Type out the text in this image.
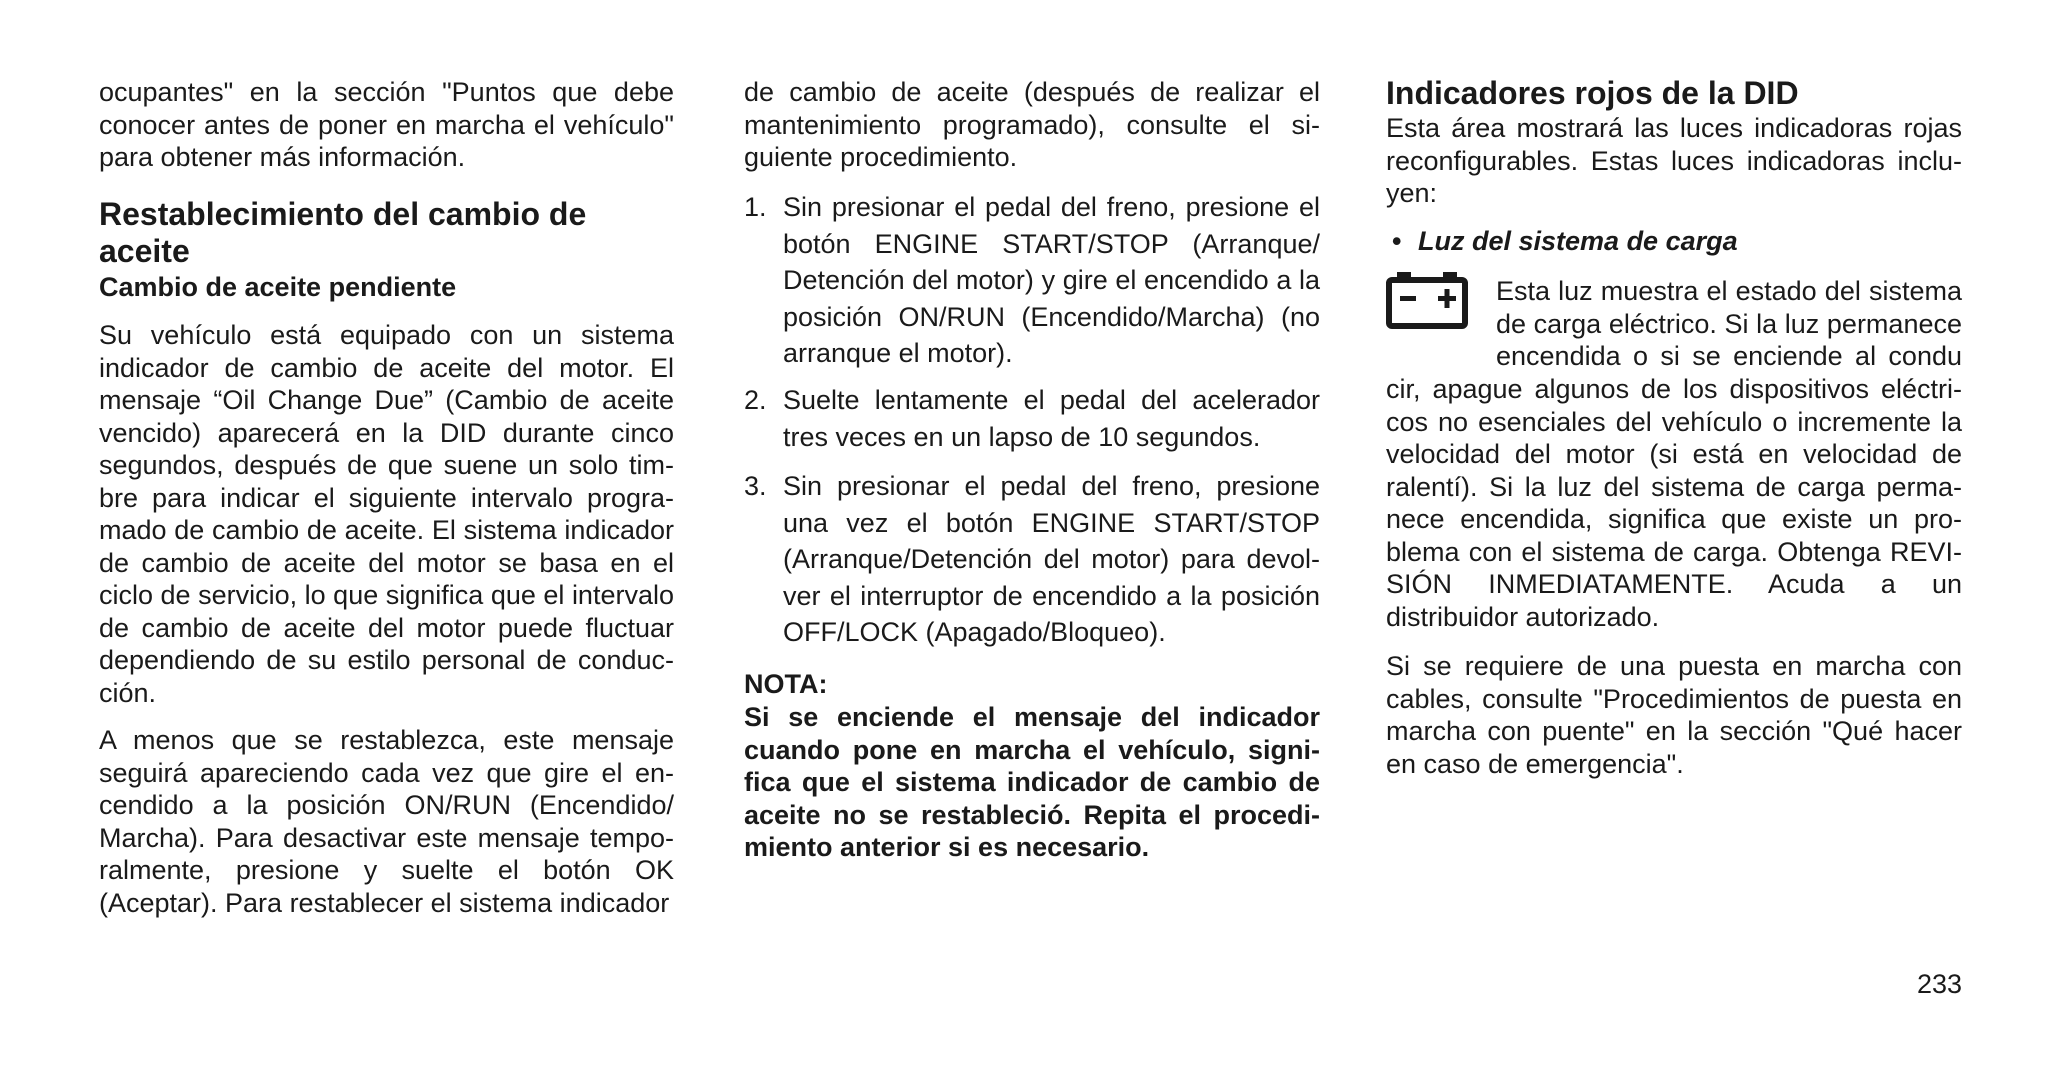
ocupantes" en la sección "Puntos que debe conocer antes de poner en marcha el vehículo" para obtener más información.

Restablecimiento del cambio de aceite
Cambio de aceite pendiente

Su vehículo está equipado con un sistema indicador de cambio de aceite del motor. El mensaje “Oil Change Due” (Cambio de aceite vencido) aparecerá en la DID durante cinco segundos, después de que suene un solo timbre para indicar el siguiente intervalo programado de cambio de aceite. El sistema indicador de cambio de aceite del motor se basa en el ciclo de servicio, lo que significa que el intervalo de cambio de aceite del motor puede fluctuar dependiendo de su estilo personal de conducción.

A menos que se restablezca, este mensaje seguirá apareciendo cada vez que gire el encendido a la posición ON/RUN (Encendido/ Marcha). Para desactivar este mensaje temporalmente, presione y suelte el botón OK (Aceptar). Para restablecer el sistema indicador

de cambio de aceite (después de realizar el mantenimiento programado), consulte el siguiente procedimiento.

1. Sin presionar el pedal del freno, presione el botón ENGINE START/STOP (Arranque/ Detención del motor) y gire el encendido a la posición ON/RUN (Encendido/Marcha) (no arranque el motor).
2. Suelte lentamente el pedal del acelerador tres veces en un lapso de 10 segundos.
3. Sin presionar el pedal del freno, presione una vez el botón ENGINE START/STOP (Arranque/Detención del motor) para devolver el interruptor de encendido a la posición OFF/LOCK (Apagado/Bloqueo).

NOTA:

Si se enciende el mensaje del indicador cuando pone en marcha el vehículo, significa que el sistema indicador de cambio de aceite no se restableció. Repita el procedimiento anterior si es necesario.

Indicadores rojos de la DID

Esta área mostrará las luces indicadoras rojas reconfigurables. Estas luces indicadoras incluyen:

• Luz del sistema de carga
Esta luz muestra el estado del sistema
de carga eléctrico. Si la luz permanece
encendida o si se enciende al condu

cir, apague algunos de los dispositivos eléctricos no esenciales del vehículo o incremente la velocidad del motor (si está en velocidad de ralentí). Si la luz del sistema de carga permanece encendida, significa que existe un problema con el sistema de carga. Obtenga REVISIÓN INMEDIATAMENTE. Acuda a un distribuidor autorizado.

Si se requiere de una puesta en marcha con cables, consulte "Procedimientos de puesta en marcha con puente" en la sección "Qué hacer en caso de emergencia".

233
